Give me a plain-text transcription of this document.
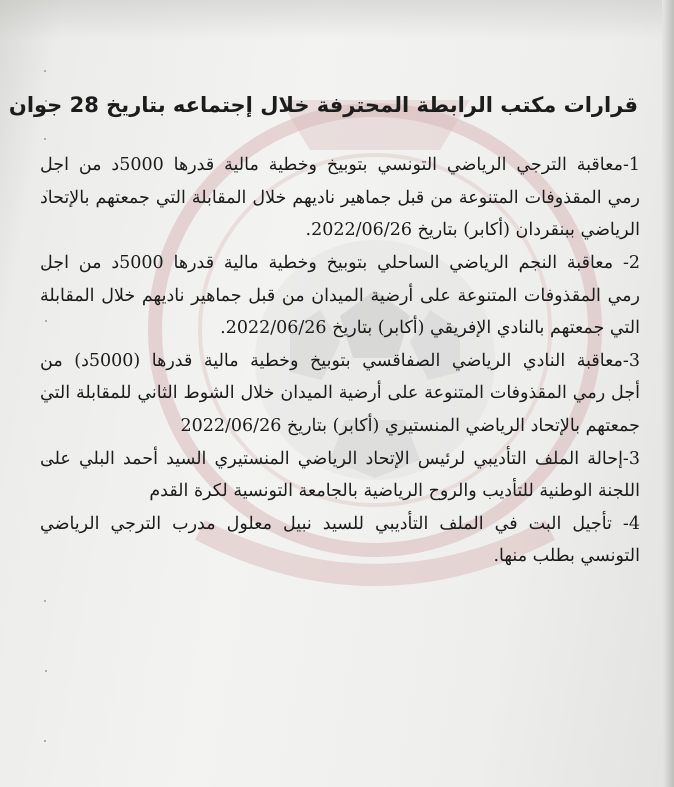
قرارات مكتب الرابطة المحترفة خلال إجتماعه بتاريخ 28 جوان
1-معاقبة الترجي الرياضي التونسي بتوبيخ وخطية مالية قدرها 5000د من اجل
رمي المقذوفات المتنوعة من قبل جماهير ناديهم خلال المقابلة التي جمعتهم بالإتحاد
الرياضي ببنقردان (أكابر) بتاريخ 2022/06/26.
2- معاقبة النجم الرياضي الساحلي بتوبيخ وخطية مالية قدرها 5000د من اجل
رمي المقذوفات المتنوعة على أرضية الميدان من قبل جماهير ناديهم خلال المقابلة
التي جمعتهم بالنادي الإفريقي (أكابر) بتاريخ 2022/06/26.
3-معاقبة النادي الرياضي الصفاقسي بتوبيخ وخطية مالية قدرها (5000د) من
أجل رمي المقذوفات المتنوعة على أرضية الميدان خلال الشوط الثاني للمقابلة التي
جمعتهم بالإتحاد الرياضي المنستيري (أكابر) بتاريخ 2022/06/26
3-إحالة الملف التأديبي لرئيس الإتحاد الرياضي المنستيري السيد أحمد البلي على
اللجنة الوطنية للتأديب والروح الرياضية بالجامعة التونسية لكرة القدم
4- تأجيل البت في الملف التأديبي للسيد نبيل معلول مدرب الترجي الرياضي
التونسي بطلب منها.
